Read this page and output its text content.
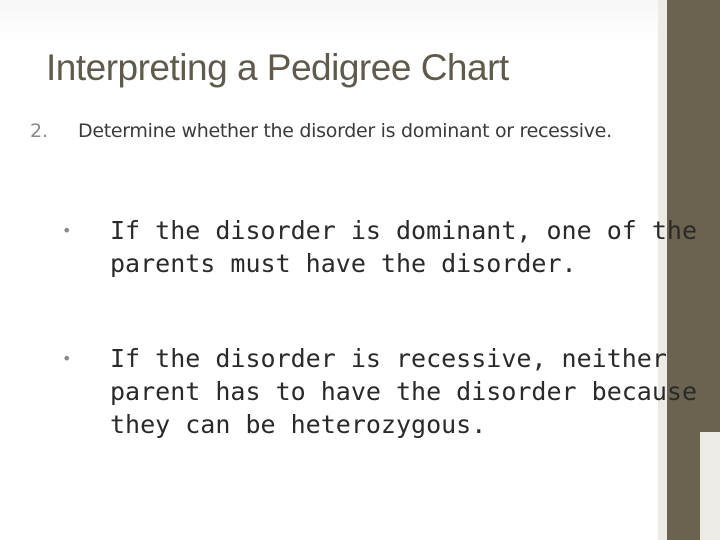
Interpreting a Pedigree Chart
2. Determine whether the disorder is dominant or recessive.
• If the disorder is dominant, one of the parents must have the disorder.
• If the disorder is recessive, neither parent has to have the disorder because they can be heterozygous.
